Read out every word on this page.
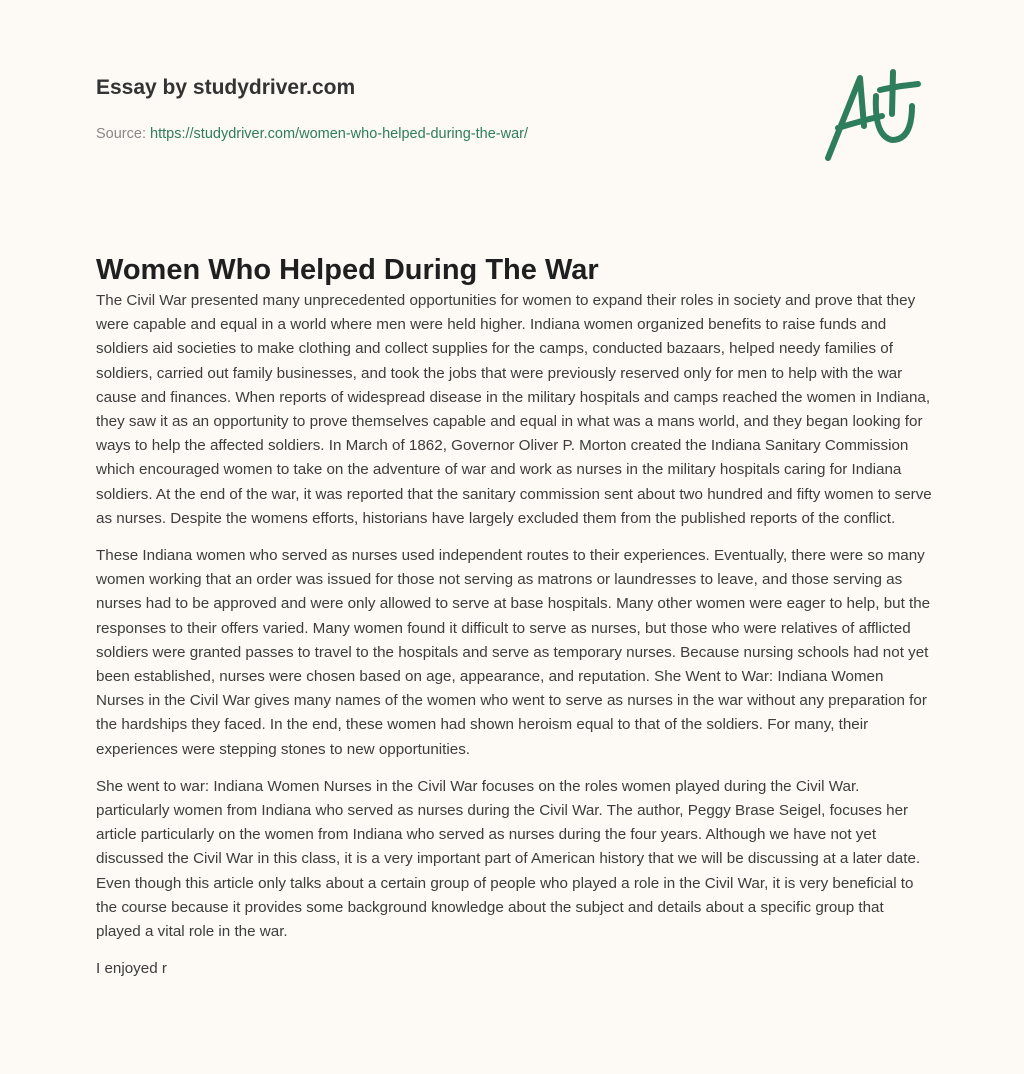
Essay by studydriver.com
Source: https://studydriver.com/women-who-helped-during-the-war/
Women Who Helped During The War

The Civil War presented many unprecedented opportunities for women to expand their roles in society and prove that they were capable and equal in a world where men were held higher. Indiana women organized benefits to raise funds and soldiers aid societies to make clothing and collect supplies for the camps, conducted bazaars, helped needy families of soldiers, carried out family businesses, and took the jobs that were previously reserved only for men to help with the war cause and finances. When reports of widespread disease in the military hospitals and camps reached the women in Indiana, they saw it as an opportunity to prove themselves capable and equal in what was a mans world, and they began looking for ways to help the affected soldiers. In March of 1862, Governor Oliver P. Morton created the Indiana Sanitary Commission which encouraged women to take on the adventure of war and work as nurses in the military hospitals caring for Indiana soldiers. At the end of the war, it was reported that the sanitary commission sent about two hundred and fifty women to serve as nurses. Despite the womens efforts, historians have largely excluded them from the published reports of the conflict.

These Indiana women who served as nurses used independent routes to their experiences. Eventually, there were so many women working that an order was issued for those not serving as matrons or laundresses to leave, and those serving as nurses had to be approved and were only allowed to serve at base hospitals. Many other women were eager to help, but the responses to their offers varied. Many women found it difficult to serve as nurses, but those who were relatives of afflicted soldiers were granted passes to travel to the hospitals and serve as temporary nurses. Because nursing schools had not yet been established, nurses were chosen based on age, appearance, and reputation. She Went to War: Indiana Women Nurses in the Civil War gives many names of the women who went to serve as nurses in the war without any preparation for the hardships they faced. In the end, these women had shown heroism equal to that of the soldiers. For many, their experiences were stepping stones to new opportunities.

She went to war: Indiana Women Nurses in the Civil War focuses on the roles women played during the Civil War. particularly women from Indiana who served as nurses during the Civil War. The author, Peggy Brase Seigel, focuses her article particularly on the women from Indiana who served as nurses during the four years. Although we have not yet discussed the Civil War in this class, it is a very important part of American history that we will be discussing at a later date. Even though this article only talks about a certain group of people who played a role in the Civil War, it is very beneficial to the course because it provides some background knowledge about the subject and details about a specific group that played a vital role in the war.

I enjoyed r
